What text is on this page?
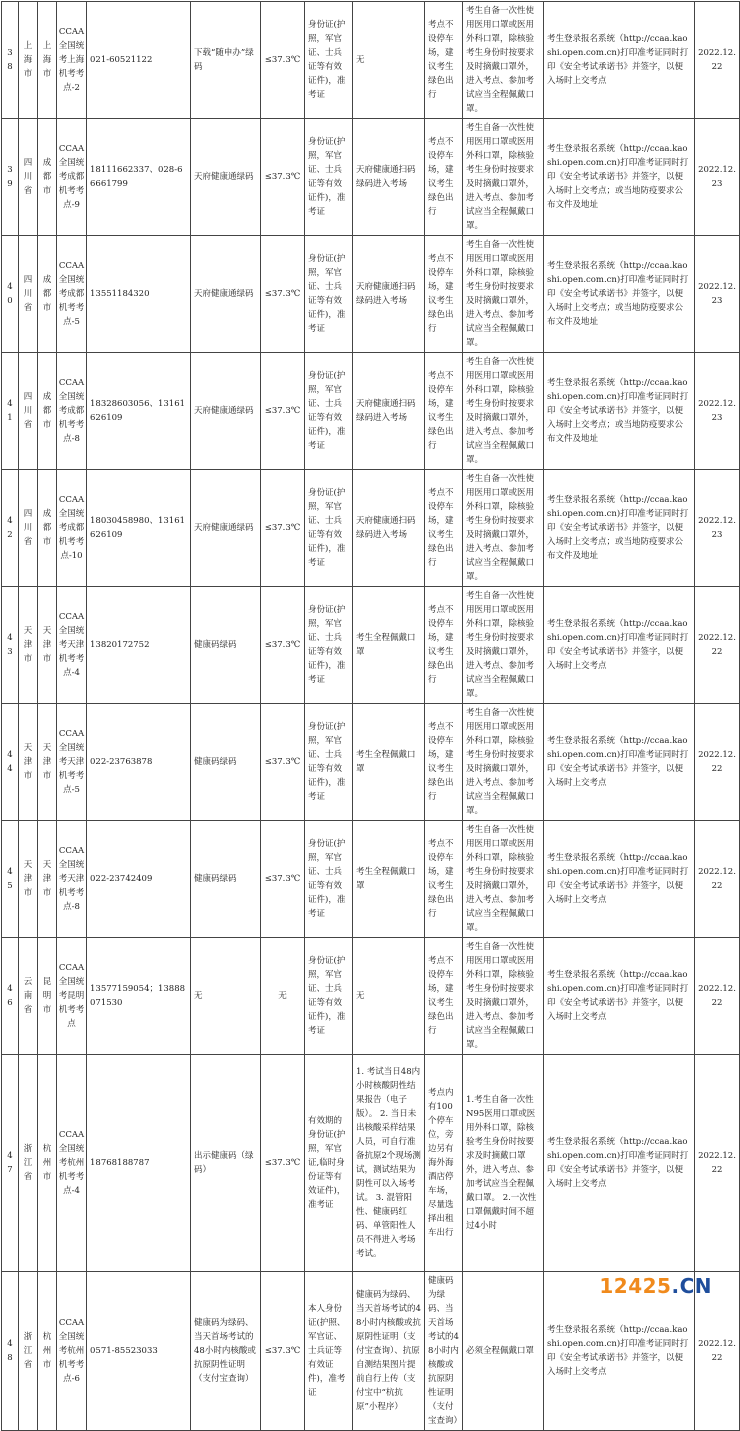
38	上海市	上海市	CCAA全国统考上海机考考点-2	021-60521122	下载“随申办”绿码	≤37.3℃	身份证(护照，军官证、士兵证等有效证件)，准考证	无	考点不设停车场，建议考生绿色出行	考生自备一次性使用医用口罩或医用外科口罩，除核验考生身份时按要求及时摘戴口罩外，进入考点、参加考试应当全程佩戴口罩。	考生登录报名系统（http://ccaa.kaoshi.open.com.cn)打印准考证同时打印《安全考试承诺书》并签字，以便入场时上交考点	2022.12.22
39	四川省	成都市	CCAA全国统考成都机考考点-9	18111662337、028-66661799	天府健康通绿码	≤37.3℃	身份证(护照，军官证、士兵证等有效证件)，准考证	天府健康通扫码绿码进入考场	考点不设停车场，建议考生绿色出行	考生自备一次性使用医用口罩或医用外科口罩，除核验考生身份时按要求及时摘戴口罩外，进入考点、参加考试应当全程佩戴口罩。	考生登录报名系统（http://ccaa.kaoshi.open.com.cn)打印准考证同时打印《安全考试承诺书》并签字，以便入场时上交考点；或当地防疫要求公布文件及地址	2022.12.23
40	四川省	成都市	CCAA全国统考成都机考考点-5	13551184320	天府健康通绿码	≤37.3℃	身份证(护照，军官证、士兵证等有效证件)，准考证	天府健康通扫码绿码进入考场	考点不设停车场，建议考生绿色出行	考生自备一次性使用医用口罩或医用外科口罩，除核验考生身份时按要求及时摘戴口罩外，进入考点、参加考试应当全程佩戴口罩。	考生登录报名系统（http://ccaa.kaoshi.open.com.cn)打印准考证同时打印《安全考试承诺书》并签字，以便入场时上交考点；或当地防疫要求公布文件及地址	2022.12.23
41	四川省	成都市	CCAA全国统考成都机考考点-8	18328603056、13161626109	天府健康通绿码	≤37.3℃	身份证(护照，军官证、士兵证等有效证件)，准考证	天府健康通扫码绿码进入考场	考点不设停车场，建议考生绿色出行	考生自备一次性使用医用口罩或医用外科口罩，除核验考生身份时按要求及时摘戴口罩外，进入考点、参加考试应当全程佩戴口罩。	考生登录报名系统（http://ccaa.kaoshi.open.com.cn)打印准考证同时打印《安全考试承诺书》并签字，以便入场时上交考点；或当地防疫要求公布文件及地址	2022.12.23
42	四川省	成都市	CCAA全国统考成都机考考点-10	18030458980、13161626109	天府健康通绿码	≤37.3℃	身份证(护照，军官证、士兵证等有效证件)，准考证	天府健康通扫码绿码进入考场	考点不设停车场，建议考生绿色出行	考生自备一次性使用医用口罩或医用外科口罩，除核验考生身份时按要求及时摘戴口罩外，进入考点、参加考试应当全程佩戴口罩。	考生登录报名系统（http://ccaa.kaoshi.open.com.cn)打印准考证同时打印《安全考试承诺书》并签字，以便入场时上交考点；或当地防疫要求公布文件及地址	2022.12.23
43	天津市	天津市	CCAA全国统考天津机考考点-4	13820172752	健康码绿码	≤37.3℃	身份证(护照，军官证、士兵证等有效证件)，准考证	考生全程佩戴口罩	考点不设停车场，建议考生绿色出行	考生自备一次性使用医用口罩或医用外科口罩，除核验考生身份时按要求及时摘戴口罩外，进入考点、参加考试应当全程佩戴口罩。	考生登录报名系统（http://ccaa.kaoshi.open.com.cn)打印准考证同时打印《安全考试承诺书》并签字，以便入场时上交考点	2022.12.22
44	天津市	天津市	CCAA全国统考天津机考考点-5	022-23763878	健康码绿码	≤37.3℃	身份证(护照，军官证、士兵证等有效证件)，准考证	考生全程佩戴口罩	考点不设停车场，建议考生绿色出行	考生自备一次性使用医用口罩或医用外科口罩，除核验考生身份时按要求及时摘戴口罩外，进入考点、参加考试应当全程佩戴口罩。	考生登录报名系统（http://ccaa.kaoshi.open.com.cn)打印准考证同时打印《安全考试承诺书》并签字，以便入场时上交考点	2022.12.22
45	天津市	天津市	CCAA全国统考天津机考考点-8	022-23742409	健康码绿码	≤37.3℃	身份证(护照，军官证、士兵证等有效证件)，准考证	考生全程佩戴口罩	考点不设停车场，建议考生绿色出行	考生自备一次性使用医用口罩或医用外科口罩，除核验考生身份时按要求及时摘戴口罩外，进入考点、参加考试应当全程佩戴口罩。	考生登录报名系统（http://ccaa.kaoshi.open.com.cn)打印准考证同时打印《安全考试承诺书》并签字，以便入场时上交考点	2022.12.22
46	云南省	昆明市	CCAA全国统考昆明机考考点	13577159054；13888071530	无	无	身份证(护照，军官证、士兵证等有效证件)，准考证	无	考点不设停车场，建议考生绿色出行	考生自备一次性使用医用口罩或医用外科口罩，除核验考生身份时按要求及时摘戴口罩外，进入考点、参加考试应当全程佩戴口罩。	考生登录报名系统（http://ccaa.kaoshi.open.com.cn)打印准考证同时打印《安全考试承诺书》并签字，以便入场时上交考点	2022.12.22
47	浙江省	杭州市	CCAA全国统考杭州机考考点-4	18768188787	出示健康码（绿码）	≤37.3℃	有效期的身份证(护照，军官证,临时身份证等有效证件)，准考证	1. 考试当日48内小时核酸阴性结果报告（电子版）。 2. 当日未出核酸采样结果人员，可自行准备抗原2个现场测试，测试结果为阴性可以入场考试。 3. 混管阳性、健康码红码、单管阳性人员不得进入考场考试。	考点内有100个停车位，旁边另有海外海酒店停车场，尽量选择出租车出行	1.考生自备一次性N95医用口罩或医用外科口罩，除核验考生身份时按要求及时摘戴口罩外，进入考点、参加考试应当全程佩戴口罩。 2.一次性口罩佩戴时间不超过4小时	考生登录报名系统（http://ccaa.kaoshi.open.com.cn)打印准考证同时打印《安全考试承诺书》并签字，以便入场时上交考点	2022.12.22
48	浙江省	杭州市	CCAA全国统考杭州机考考点-6	0571-85523033	健康码为绿码、当天首场考试的48小时内核酸或抗原阴性证明（支付宝查询）	≤37.3℃	本人身份证(护照、军官证、士兵证等有效证件)，准考证	健康码为绿码、当天首场考试的48小时内核酸或抗原阴性证明（支付宝查询）、抗原自测结果图片提前自行上传（支付宝中“杭抗原”小程序）	健康码为绿码、当天首场考试的48小时内核酸或抗原阴性证明（支付宝查询）	必须全程佩戴口罩	考生登录报名系统（http://ccaa.kaoshi.open.com.cn)打印准考证同时打印《安全考试承诺书》并签字，以便入场时上交考点	2022.12.22
12425.CN
